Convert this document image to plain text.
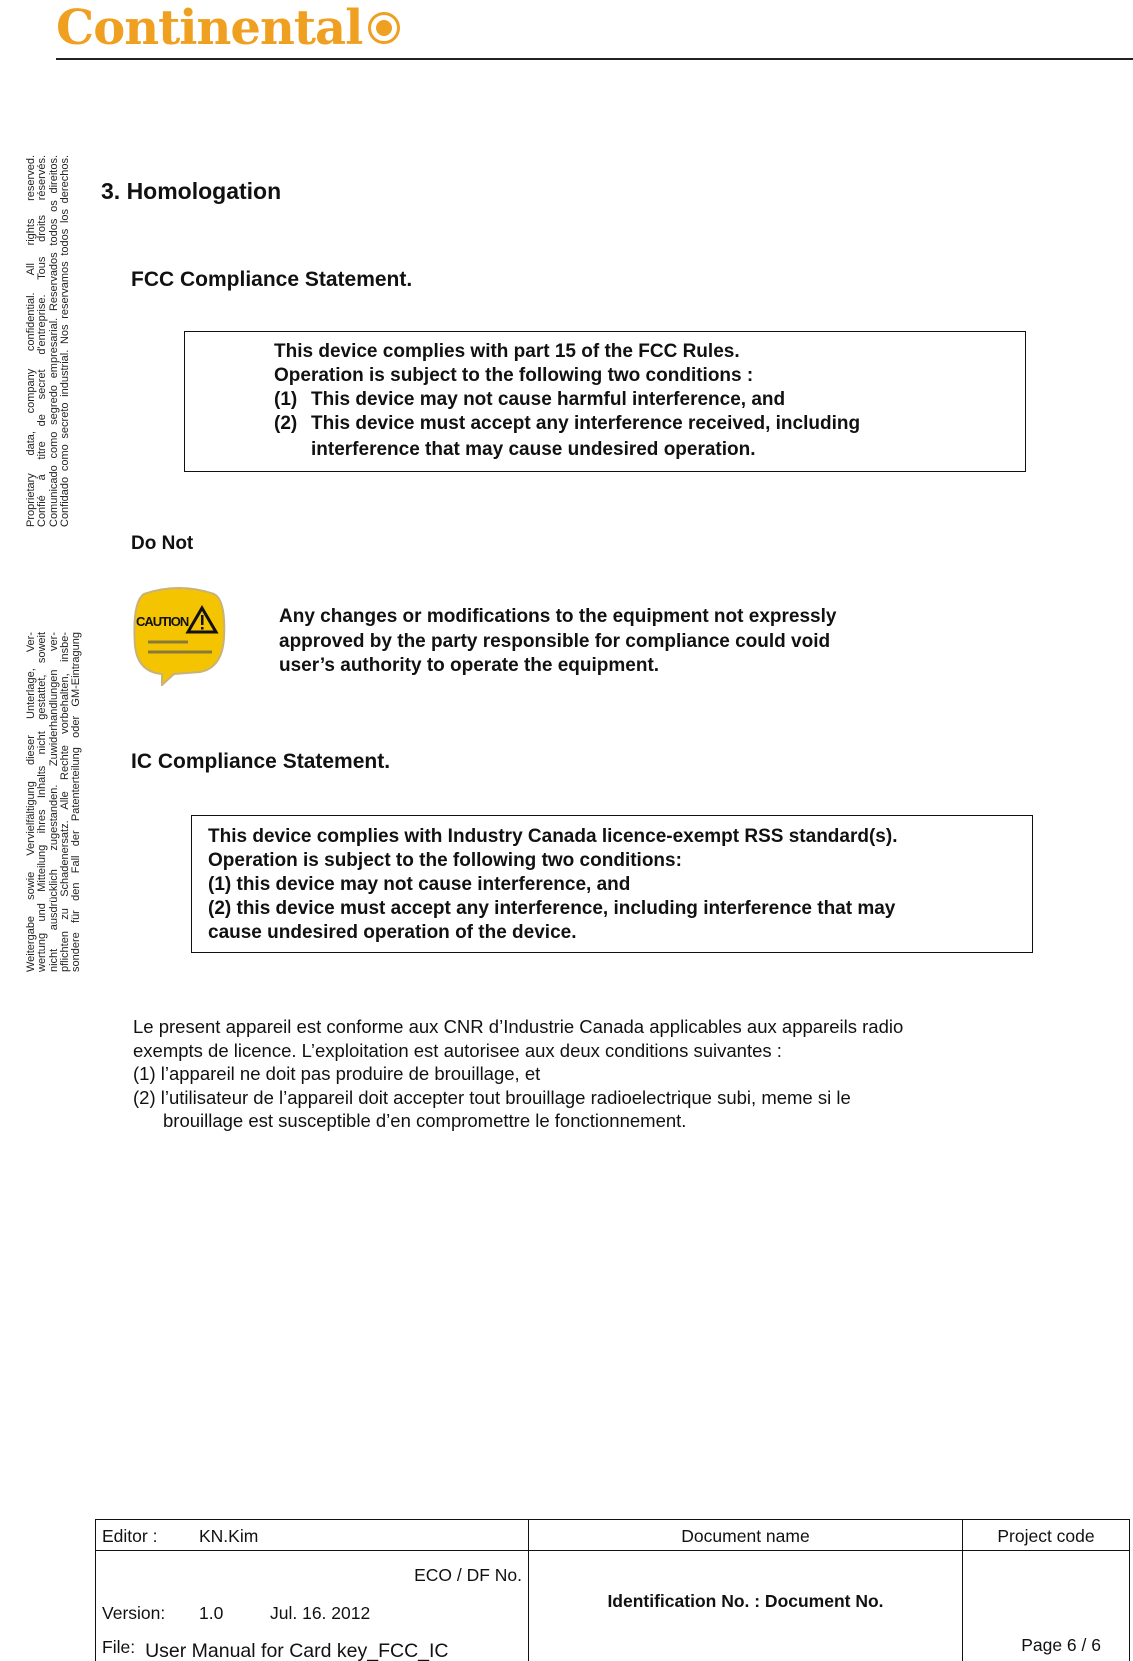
Continental
Proprietary data, company confidential. All rights reserved. Confié à titre de secret d'entreprise. Tous droits réservés. Comunicado como segredo empresarial. Reservados todos os direitos. Confidado como secreto industrial. Nos reservamos todos los derechos.
Weitergabe sowie Vervielfältigung dieser Unterlage, Ver- wertung und Mitteilung ihres Inhalts nicht gestattet, soweit nicht ausdrücklich zugestanden. Zuwiderhandlungen ver- pflichten zu Schadenersatz. Alle Rechte vorbehalten, insbe- sondere für den Fall der Patenterteilung oder GM-Eintragung
3. Homologation
FCC Compliance Statement.
This device complies with part 15 of the FCC Rules.
Operation is subject to the following two conditions :
(1) This device may not cause harmful interference, and
(2) This device must accept any interference received, including
interference that may cause undesired operation.
Do Not
CAUTION	Any changes or modifications to the equipment not expressly
approved by the party responsible for compliance could void
user’s authority to operate the equipment.
IC Compliance Statement.
This device complies with Industry Canada licence-exempt RSS standard(s).
Operation is subject to the following two conditions:
(1) this device may not cause interference, and
(2) this device must accept any interference, including interference that may
cause undesired operation of the device.
Le present appareil est conforme aux CNR d’Industrie Canada applicables aux appareils radio
exempts de licence. L’exploitation est autorisee aux deux conditions suivantes :
(1) l’appareil ne doit pas produire de brouillage, et
(2) l’utilisateur de l’appareil doit accepter tout brouillage radioelectrique subi, meme si le
brouillage est susceptible d’en compromettre le fonctionnement.
Editor : KN.Kim	Document name	Project code

ECO / DF No.
Version: 1.0 Jul. 16. 2012
File: User Manual for Card key_FCC_IC	Identification No. : Document No.	Page 6 / 6
